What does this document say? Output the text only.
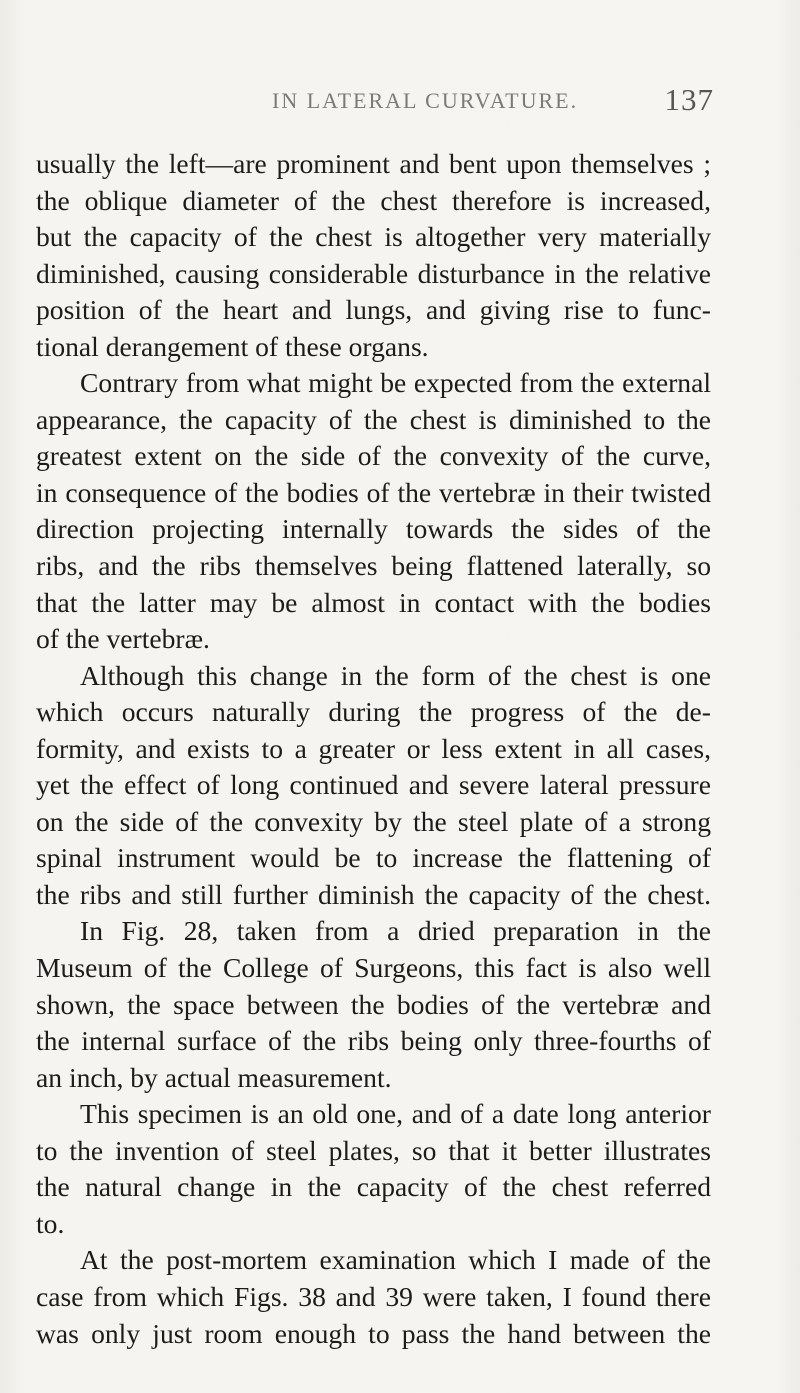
IN LATERAL CURVATURE.	137
usually the left—are prominent and bent upon themselves ;
the oblique diameter of the chest therefore is increased,
but the capacity of the chest is altogether very materially
diminished, causing considerable disturbance in the relative
position of the heart and lungs, and giving rise to func-
tional derangement of these organs.
Contrary from what might be expected from the external
appearance, the capacity of the chest is diminished to the
greatest extent on the side of the convexity of the curve,
in consequence of the bodies of the vertebræ in their twisted
direction projecting internally towards the sides of the
ribs, and the ribs themselves being flattened laterally, so
that the latter may be almost in contact with the bodies
of the vertebræ.
Although this change in the form of the chest is one
which occurs naturally during the progress of the de-
formity, and exists to a greater or less extent in all cases,
yet the effect of long continued and severe lateral pressure
on the side of the convexity by the steel plate of a strong
spinal instrument would be to increase the flattening of
the ribs and still further diminish the capacity of the chest.
In Fig. 28, taken from a dried preparation in the
Museum of the College of Surgeons, this fact is also well
shown, the space between the bodies of the vertebræ and
the internal surface of the ribs being only three-fourths of
an inch, by actual measurement.
This specimen is an old one, and of a date long anterior
to the invention of steel plates, so that it better illustrates
the natural change in the capacity of the chest referred
to.
At the post-mortem examination which I made of the
case from which Figs. 38 and 39 were taken, I found there
was only just room enough to pass the hand between the
